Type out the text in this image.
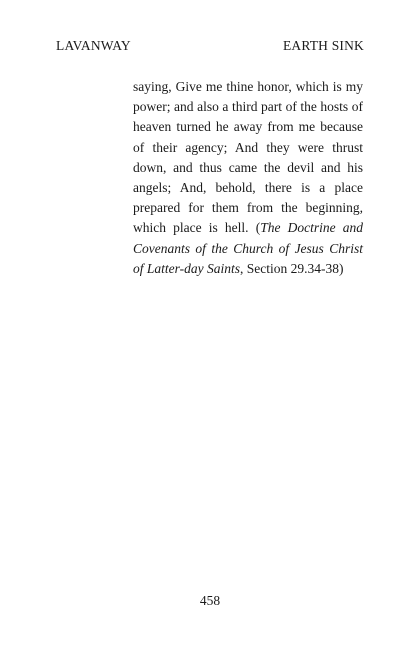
LAVANWAY	EARTH SINK

saying, Give me thine honor, which is my power; and also a third part of the hosts of heaven turned he away from me because of their agency; And they were thrust down, and thus came the devil and his angels; And, behold, there is a place prepared for them from the beginning, which place is hell. (The Doctrine and Covenants of the Church of Jesus Christ of Latter-day Saints, Section 29.34-38)

458
